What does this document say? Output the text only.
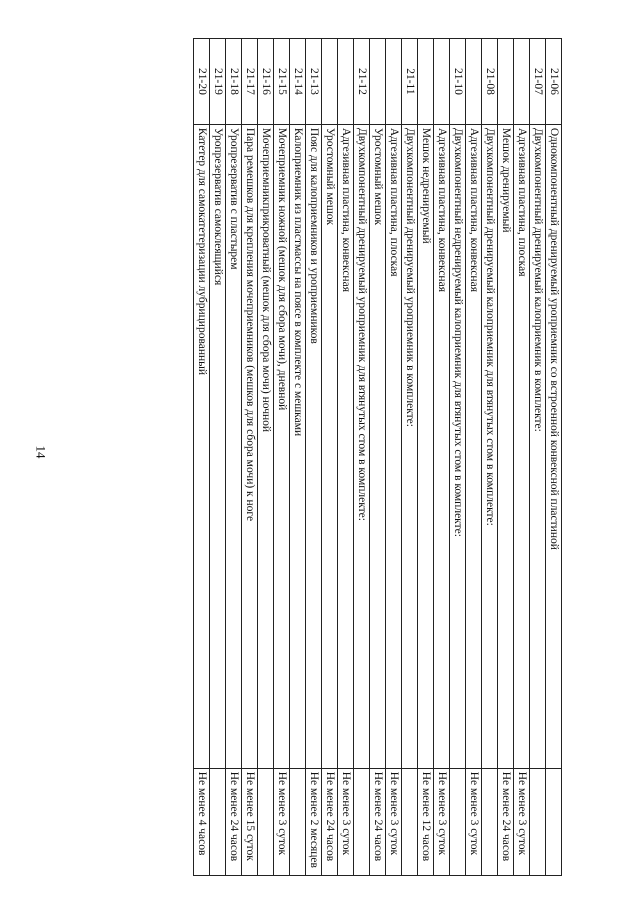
14
21-06	Однокомпонентный дренируемый уроприемник со встроенной конвексной пластиной	
21-07	Двухкомпонентный дренируемый калоприемник в комплекте:	
	Адгезивная пластина, плоская	Не менее 3 суток
	Мешок дренируемый	Не менее 24 часов
21-08	Двухкомпонентный дренируемый калоприемник для втянутых стом в комплекте:	
	Адгезивная пластина, конвексная	Не менее 3 суток
21-10	Двухкомпонентный недренируемый калоприемник для втянутых стом в комплекте:	
	Адгезивная пластина, конвексная	Не менее 3 суток
	Мешок недренируемый	Не менее 12 часов
21-11	Двухкомпонентный дренируемый уроприемник в комплекте:	
	Адгезивная пластина, плоская	Не менее 3 суток
	Уростомный мешок	Не менее 24 часов
21-12	Двухкомпонентный дренируемый уроприемник для втянутых стом в комплекте:	
	Адгезивная пластина, конвексная	Не менее 3 суток
	Уростомный мешок	Не менее 24 часов
21-13	Пояс для калоприемников и уроприемников	Не менее 2 месяцев
21-14	Калоприемник из пластмассы на поясе в комплекте с мешками	
21-15	Мочеприемник ножной (мешок для сбора мочи), дневной	Не менее 3 суток
21-16	Мочеприемникприкроватный (мешок для сбора мочи) ночной	
21-17	Пара ремешков для крепления мочеприемников (мешков для сбора мочи) к ноге	Не менее 15 суток
21-18	Уропрезерватив с пластырем	Не менее 24 часов
21-19	Уропрезерватив самоклеящийся	
21-20	Катетер для самокатетеризации лубрицированный	Не менее 4 часов
